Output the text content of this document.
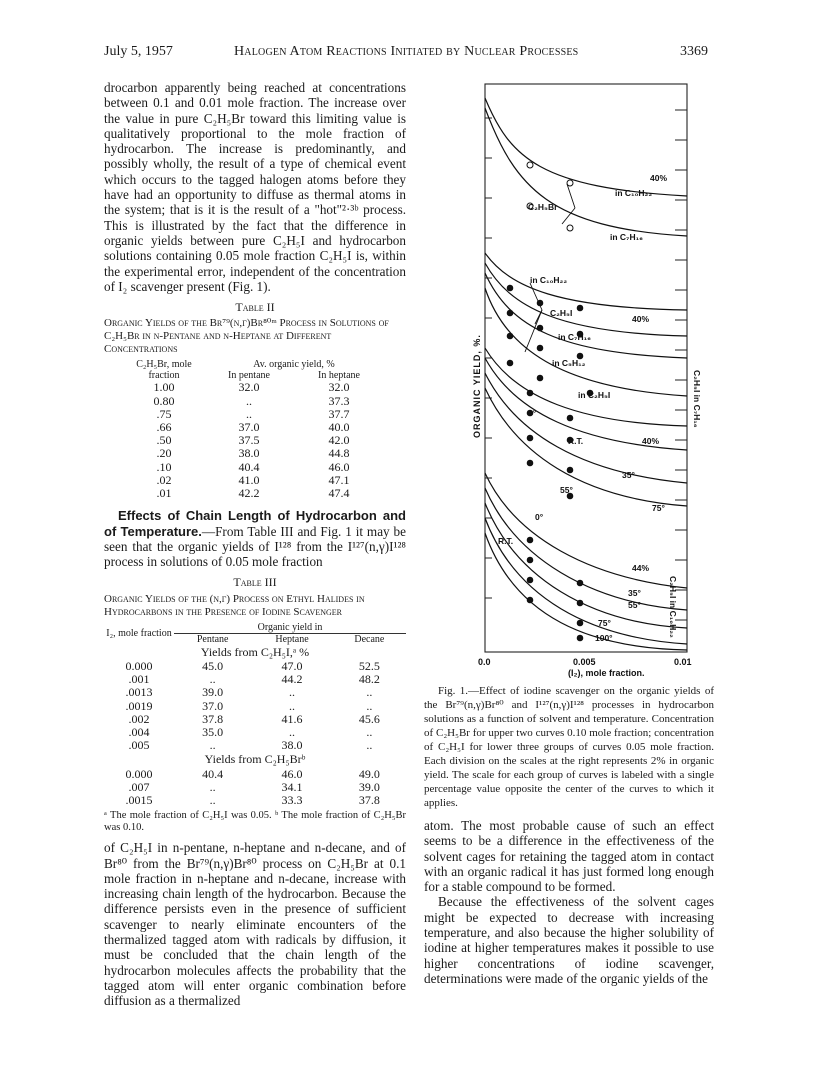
July 5, 1957	Halogen Atom Reactions Initiated by Nuclear Processes	3369

drocarbon apparently being reached at concentrations between 0.1 and 0.01 mole fraction. The increase over the value in pure C₂H₅Br toward this limiting value is qualitatively proportional to the mole fraction of hydrocarbon. The increase is predominantly, and possibly wholly, the result of a type of chemical event which occurs to the tagged halogen atoms before they have had an opportunity to diffuse as thermal atoms in the system; that is it is the result of a "hot"²·³ᵇ process. This is illustrated by the fact that the difference in organic yields between pure C₂H₅I and hydrocarbon solutions containing 0.05 mole fraction C₂H₅I is, within the experimental error, independent of the concentration of I₂ scavenger present (Fig. 1).

Table II
Organic Yields of the Br⁷⁹(n,γ)Br⁸⁰ᵐ Process in Solutions of C₂H₅Br in n-Pentane and n-Heptane at Different Concentrations
C₂H₅Br, mole fraction	Av. organic yield, %	
	In pentane	In heptane
1.00	32.0	32.0
0.80	..	37.3
.75	..	37.7
.66	37.0	40.0
.50	37.5	42.0
.20	38.0	44.8
.10	40.4	46.0
.02	41.0	47.1
.01	42.2	47.4

Effects of Chain Length of Hydrocarbon and of Temperature.—From Table III and Fig. 1 it may be seen that the organic yields of I¹²⁸ from the I¹²⁷(n,γ)I¹²⁸ process in solutions of 0.05 mole fraction

Table III
Organic Yields of the (n,γ) Process on Ethyl Halides in Hydrocarbons in the Presence of Iodine Scavenger
I₂, mole fraction	Organic yield in		
	Pentane	Heptane	Decane
Yields from C₂H₅I,ᵃ %			
0.000	45.0	47.0	52.5
.001	..	44.2	48.2
.0013	39.0	..	..
.0019	37.0	..	..
.002	37.8	41.6	45.6
.004	35.0	..	..
.005	..	38.0	..
Yields from C₂H₅Brᵇ			
0.000	40.4	46.0	49.0
.007	..	34.1	39.0
.0015	..	33.3	37.8
ᵃ The mole fraction of C₂H₅I was 0.05. ᵇ The mole fraction of C₂H₅Br was 0.10.

of C₂H₅I in n-pentane, n-heptane and n-decane, and of Br⁸⁰ from the Br⁷⁹(n,γ)Br⁸⁰ process on C₂H₅Br at 0.1 mole fraction in n-heptane and n-decane, increase with increasing chain length of the hydrocarbon. Because the difference persists even in the presence of sufficient scavenger to nearly eliminate encounters of the thermalized tagged atom with radicals by diffusion, it must be concluded that the chain length of the hydrocarbon molecules affects the probability that the tagged atom will enter organic combination before diffusion as a thermalized

40%
in C₁₀H₂₂
C₂H₅Br
in C₇H₁₆
in C₁₀H₂₂
C₂H₅I
40%
in C₇H₁₆
in C₅H₁₂
in C₂H₅I
0°
R.T.	40%
35°
55°
75°
0°
R.T.
44%
35°
55°
75°
100°
C₂H₅I in C₇H₁₆
C₂H₅I in C₁₀H₂₂
0.0	0.005	0.01
(I₂), mole fraction.
ORGANIC YIELD, %.

Fig. 1.—Effect of iodine scavenger on the organic yields of the Br⁷⁹(n,γ)Br⁸⁰ and I¹²⁷(n,γ)I¹²⁸ processes in hydrocarbon solutions as a function of solvent and temperature. Concentration of C₂H₅Br for upper two curves 0.10 mole fraction; concentration of C₂H₅I for lower three groups of curves 0.05 mole fraction. Each division on the scales at the right represents 2% in organic yield. The scale for each group of curves is labeled with a single percentage value opposite the center of the curves to which it applies.

atom. The most probable cause of such an effect seems to be a difference in the effectiveness of the solvent cages for retaining the tagged atom in contact with an organic radical it has just formed long enough for a stable compound to be formed.

Because the effectiveness of the solvent cages might be expected to decrease with increasing temperature, and also because the higher solubility of iodine at higher temperatures makes it possible to use higher concentrations of iodine scavenger, determinations were made of the organic yields of the
